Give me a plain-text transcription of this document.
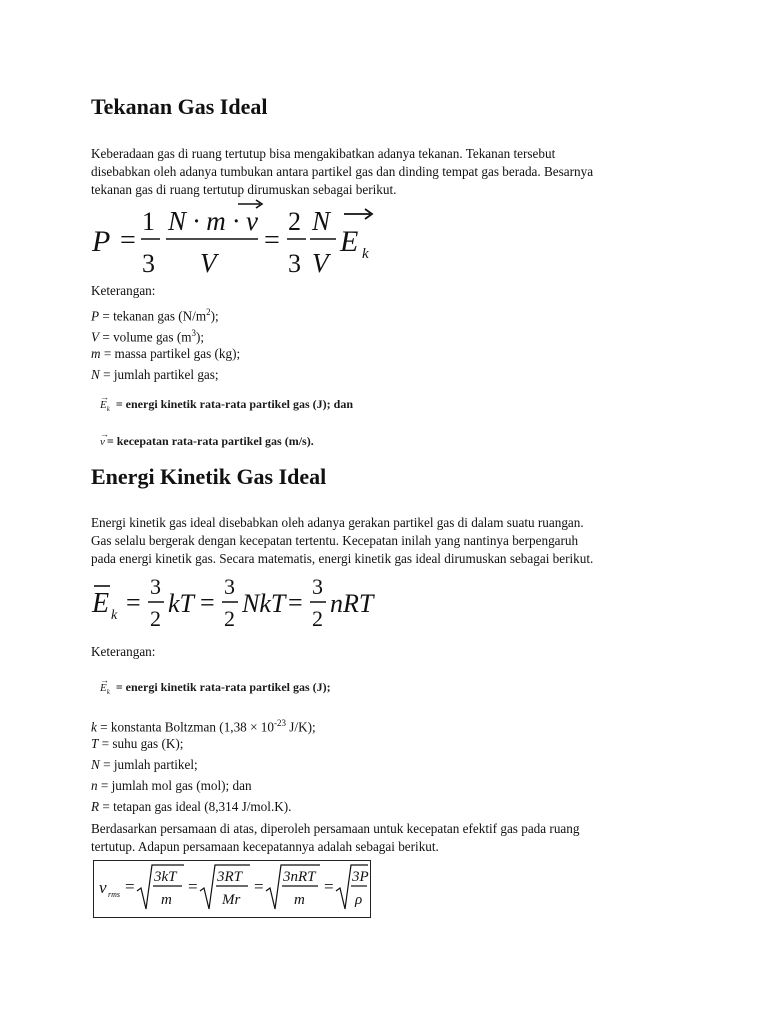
Tekanan Gas Ideal
Keberadaan gas di ruang tertutup bisa mengakibatkan adanya tekanan. Tekanan tersebut
disebabkan oleh adanya tumbukan antara partikel gas dan dinding tempat gas berada. Besarnya
tekanan gas di ruang tertutup dirumuskan sebagai berikut.
P =
1
3
N · m · v
V
=
2
3
N
V
E k
Keterangan:
P = tekanan gas $(N/m^2)$;
V = volume gas $(m^3)$;
m = massa partikel gas (kg);
N = jumlah partikel gas;
→
$E_k$ = energi kinetik rata-rata partikel gas (J); dan
→
v = kecepatan rata-rata partikel gas (m/s).
Energi Kinetik Gas Ideal
Energi kinetik gas ideal disebabkan oleh adanya gerakan partikel gas di dalam suatu ruangan.
Gas selalu bergerak dengan kecepatan tertentu. Kecepatan inilah yang nantinya berpengaruh
pada energi kinetik gas. Secara matematis, energi kinetik gas ideal dirumuskan sebagai berikut.
E k =
3
2
kT =
3
2
NkT =
3
2
nRT
Keterangan:
→
$E_k$ = energi kinetik rata-rata partikel gas (J);
k = konstanta Boltzman ($1,38 \times 10^{-23}$ J/K);
T = suhu gas (K);
N = jumlah partikel;
n = jumlah mol gas (mol); dan
R = tetapan gas ideal (8,314 J/mol.K).
Berdasarkan persamaan di atas, diperoleh persamaan untuk kecepatan efektif gas pada ruang
tertutup. Adapun persamaan kecepatannya adalah sebagai berikut.
v rms = 3kT
m
= 3RT
Mr
= 3nRT
m
= 3P
ρ
